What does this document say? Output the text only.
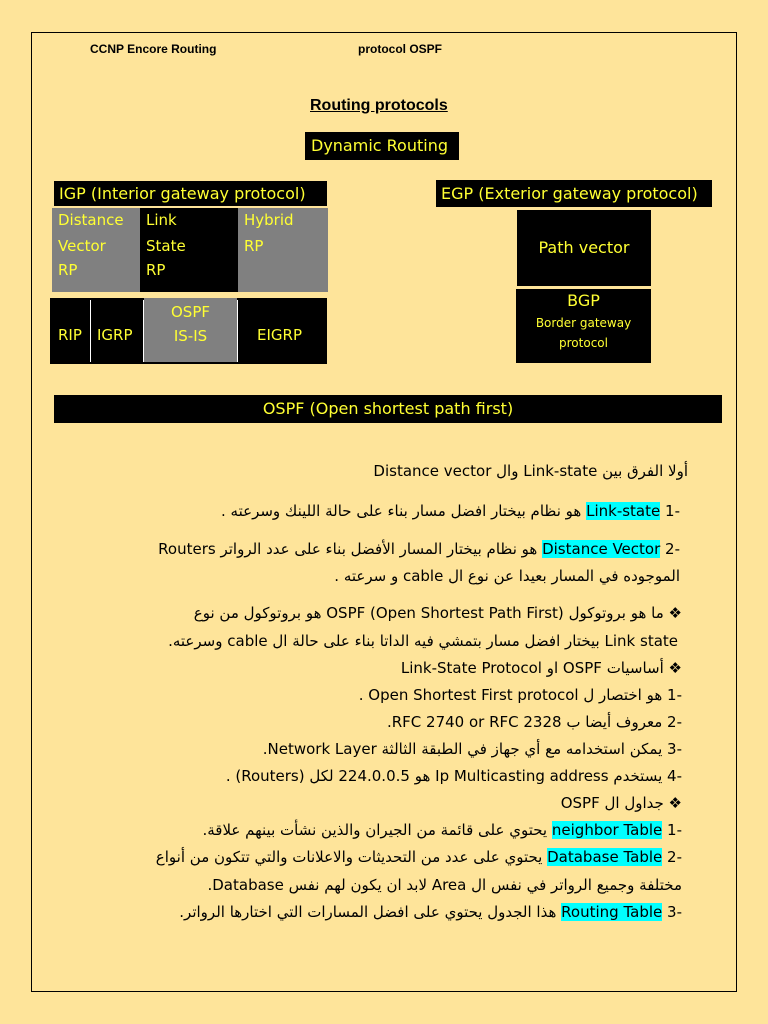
CCNP Encore Routing	protocol OSPF
Routing protocols
Dynamic Routing
IGP (Interior gateway protocol)
Distance
Vector
RP
Link
State
RP
Hybrid
RP
OSPF
IS-IS
RIP IGRP	EIGRP
EGP (Exterior gateway protocol)
Path vector
BGP
Border gateway
protocol
OSPF (Open shortest path first)
أولا الفرق بين Link-state وال Distance vector
-1 Link-state هو نظام بيختار افضل مسار بناء على حالة اللينك وسرعته .
-2 Distance Vector هو نظام بيختار المسار الأفضل بناء على عدد الرواتر Routers
الموجوده في المسار بعيدا عن نوع ال cable و سرعته .
❖ ما هو بروتوكول OSPF (Open Shortest Path First) هو بروتوكول من نوع
Link state بيختار افضل مسار بتمشي فيه الداتا بناء على حالة ال cable وسرعته.
❖ أساسيات OSPF او Link-State Protocol
-1 هو اختصار ل Open Shortest First protocol .
-2 معروف أيضا ب RFC 2740 or RFC 2328.
-3 يمكن استخدامه مع أي جهاز في الطبقة الثالثة Network Layer.
-4 يستخدم Ip Multicasting address هو 224.0.0.5 لكل (Routers) .
❖ جداول ال OSPF
-1 neighbor Table يحتوي على قائمة من الجيران والذين نشأت بينهم علاقة.
-2 Database Table يحتوي على عدد من التحديثات والاعلانات والتي تتكون من أنواع
مختلفة وجميع الرواتر في نفس ال Area لابد ان يكون لهم نفس Database.
-3 Routing Table هذا الجدول يحتوي على افضل المسارات التي اختارها الرواتر.
